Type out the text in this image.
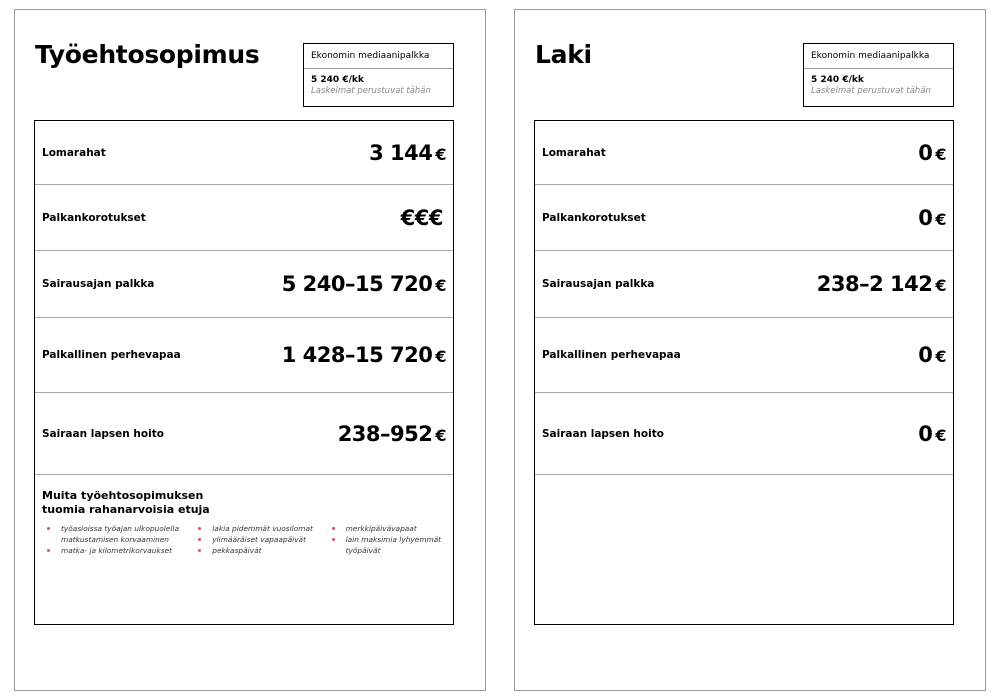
Työehtosopimus	Ekonomin mediaanipalkka
5 240 €/kk
Laskelmat perustuvat tähän
Lomarahat	3 144 €
Palkankorotukset	€€€
Sairausajan palkka	5 240–15 720 €
Palkallinen perhevapaa	1 428–15 720 €
Sairaan lapsen hoito	238–952 €
Muita työehtosopimuksen
tuomia rahanarvoisia etuja
työasioissa työajan ulkopuolella matkustamisen korvaaminen
matka- ja kilometrikorvaukset
lakia pidemmät vuosilomat
ylimääräiset vapaapäivät
pekkaspäivät
merkkipäivävapaat
lain maksimia lyhyemmät työpäivät
Laki	Ekonomin mediaanipalkka
5 240 €/kk
Laskelmat perustuvat tähän
Lomarahat	0 €
Palkankorotukset	0 €
Sairausajan palkka	238–2 142 €
Palkallinen perhevapaa	0 €
Sairaan lapsen hoito	0 €
